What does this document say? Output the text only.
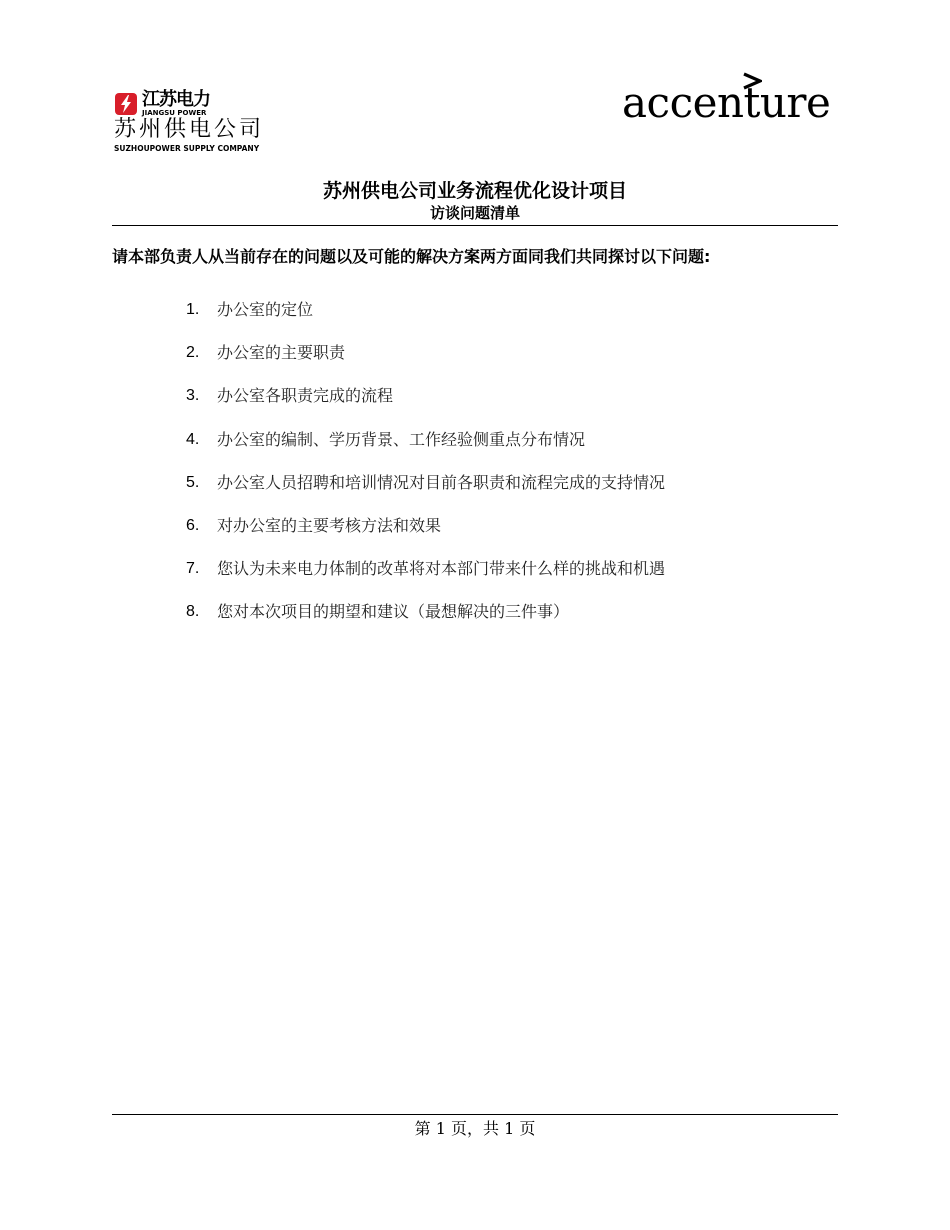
江苏电力
JIANGSU POWER
苏州供电公司
SUZHOUPOWER SUPPLY COMPANY
accenture
苏州供电公司业务流程优化设计项目
访谈问题清单
请本部负责人从当前存在的问题以及可能的解决方案两方面同我们共同探讨以下问题:
1.	办公室的定位
2.	办公室的主要职责
3.	办公室各职责完成的流程
4.	办公室的编制、学历背景、工作经验侧重点分布情况
5.	办公室人员招聘和培训情况对目前各职责和流程完成的支持情况
6.	对办公室的主要考核方法和效果
7.	您认为未来电力体制的改革将对本部门带来什么样的挑战和机遇
8.	您对本次项目的期望和建议（最想解决的三件事）
第 1 页，共 1 页
